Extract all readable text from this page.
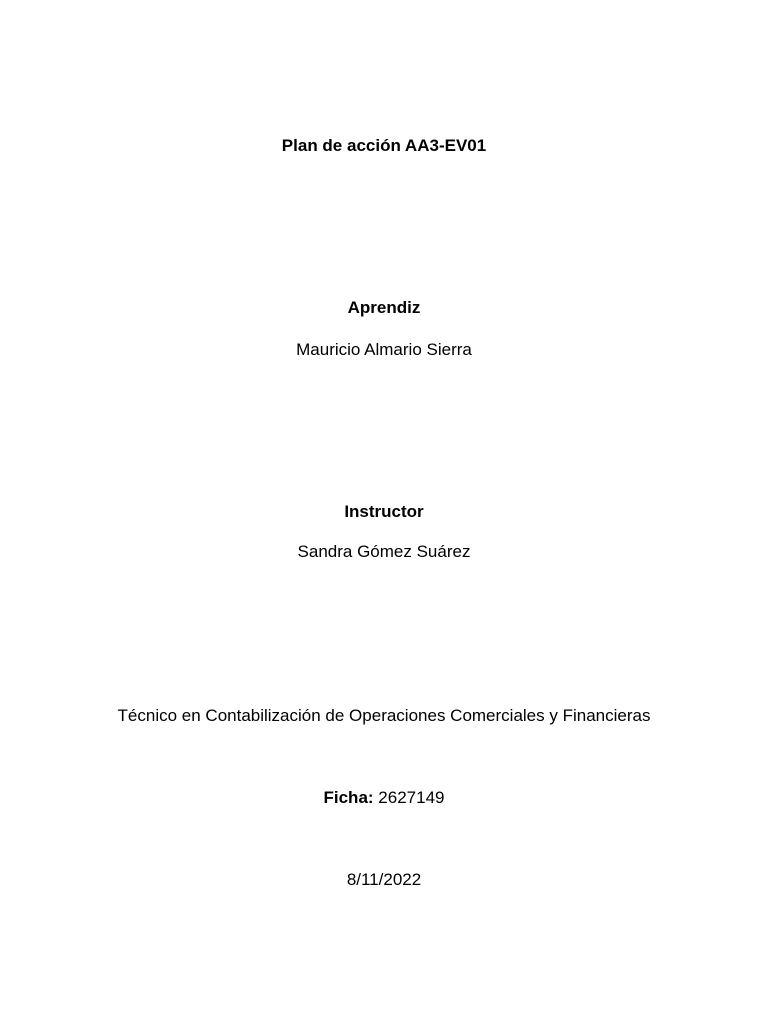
Plan de acción AA3-EV01
Aprendiz
Mauricio Almario Sierra
Instructor
Sandra Gómez Suárez
Técnico en Contabilización de Operaciones Comerciales y Financieras
Ficha: 2627149
8/11/2022
